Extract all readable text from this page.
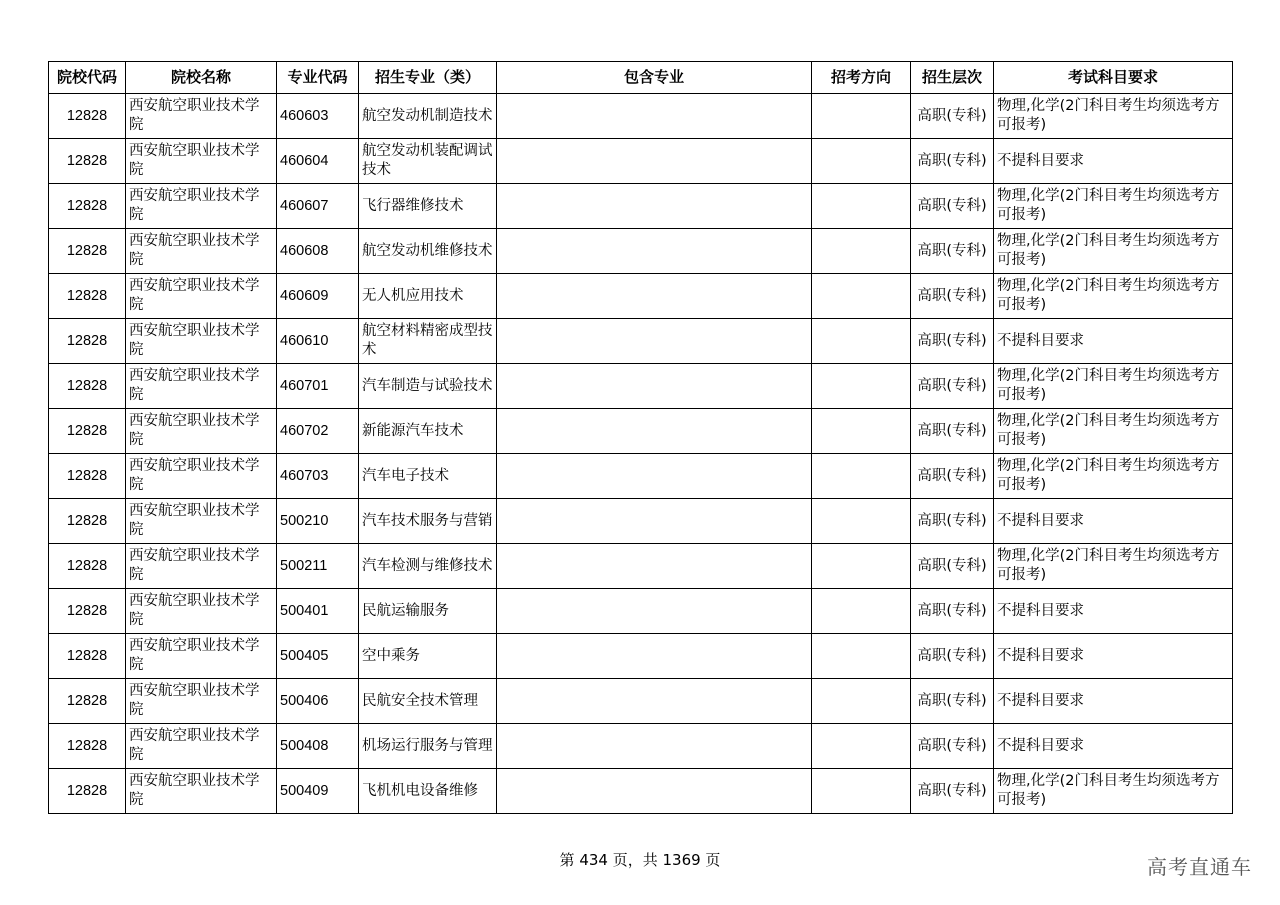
院校代码	院校名称	专业代码	招生专业（类）	包含专业	招考方向	招生层次	考试科目要求
12828	西安航空职业技术学院	460603	航空发动机制造技术			高职(专科)	物理,化学(2门科目考生均须选考方可报考)
12828	西安航空职业技术学院	460604	航空发动机装配调试技术			高职(专科)	不提科目要求
12828	西安航空职业技术学院	460607	飞行器维修技术			高职(专科)	物理,化学(2门科目考生均须选考方可报考)
12828	西安航空职业技术学院	460608	航空发动机维修技术			高职(专科)	物理,化学(2门科目考生均须选考方可报考)
12828	西安航空职业技术学院	460609	无人机应用技术			高职(专科)	物理,化学(2门科目考生均须选考方可报考)
12828	西安航空职业技术学院	460610	航空材料精密成型技术			高职(专科)	不提科目要求
12828	西安航空职业技术学院	460701	汽车制造与试验技术			高职(专科)	物理,化学(2门科目考生均须选考方可报考)
12828	西安航空职业技术学院	460702	新能源汽车技术			高职(专科)	物理,化学(2门科目考生均须选考方可报考)
12828	西安航空职业技术学院	460703	汽车电子技术			高职(专科)	物理,化学(2门科目考生均须选考方可报考)
12828	西安航空职业技术学院	500210	汽车技术服务与营销			高职(专科)	不提科目要求
12828	西安航空职业技术学院	500211	汽车检测与维修技术			高职(专科)	物理,化学(2门科目考生均须选考方可报考)
12828	西安航空职业技术学院	500401	民航运输服务			高职(专科)	不提科目要求
12828	西安航空职业技术学院	500405	空中乘务			高职(专科)	不提科目要求
12828	西安航空职业技术学院	500406	民航安全技术管理			高职(专科)	不提科目要求
12828	西安航空职业技术学院	500408	机场运行服务与管理			高职(专科)	不提科目要求
12828	西安航空职业技术学院	500409	飞机机电设备维修			高职(专科)	物理,化学(2门科目考生均须选考方可报考)
第 434 页，共 1369 页	高考直通车
